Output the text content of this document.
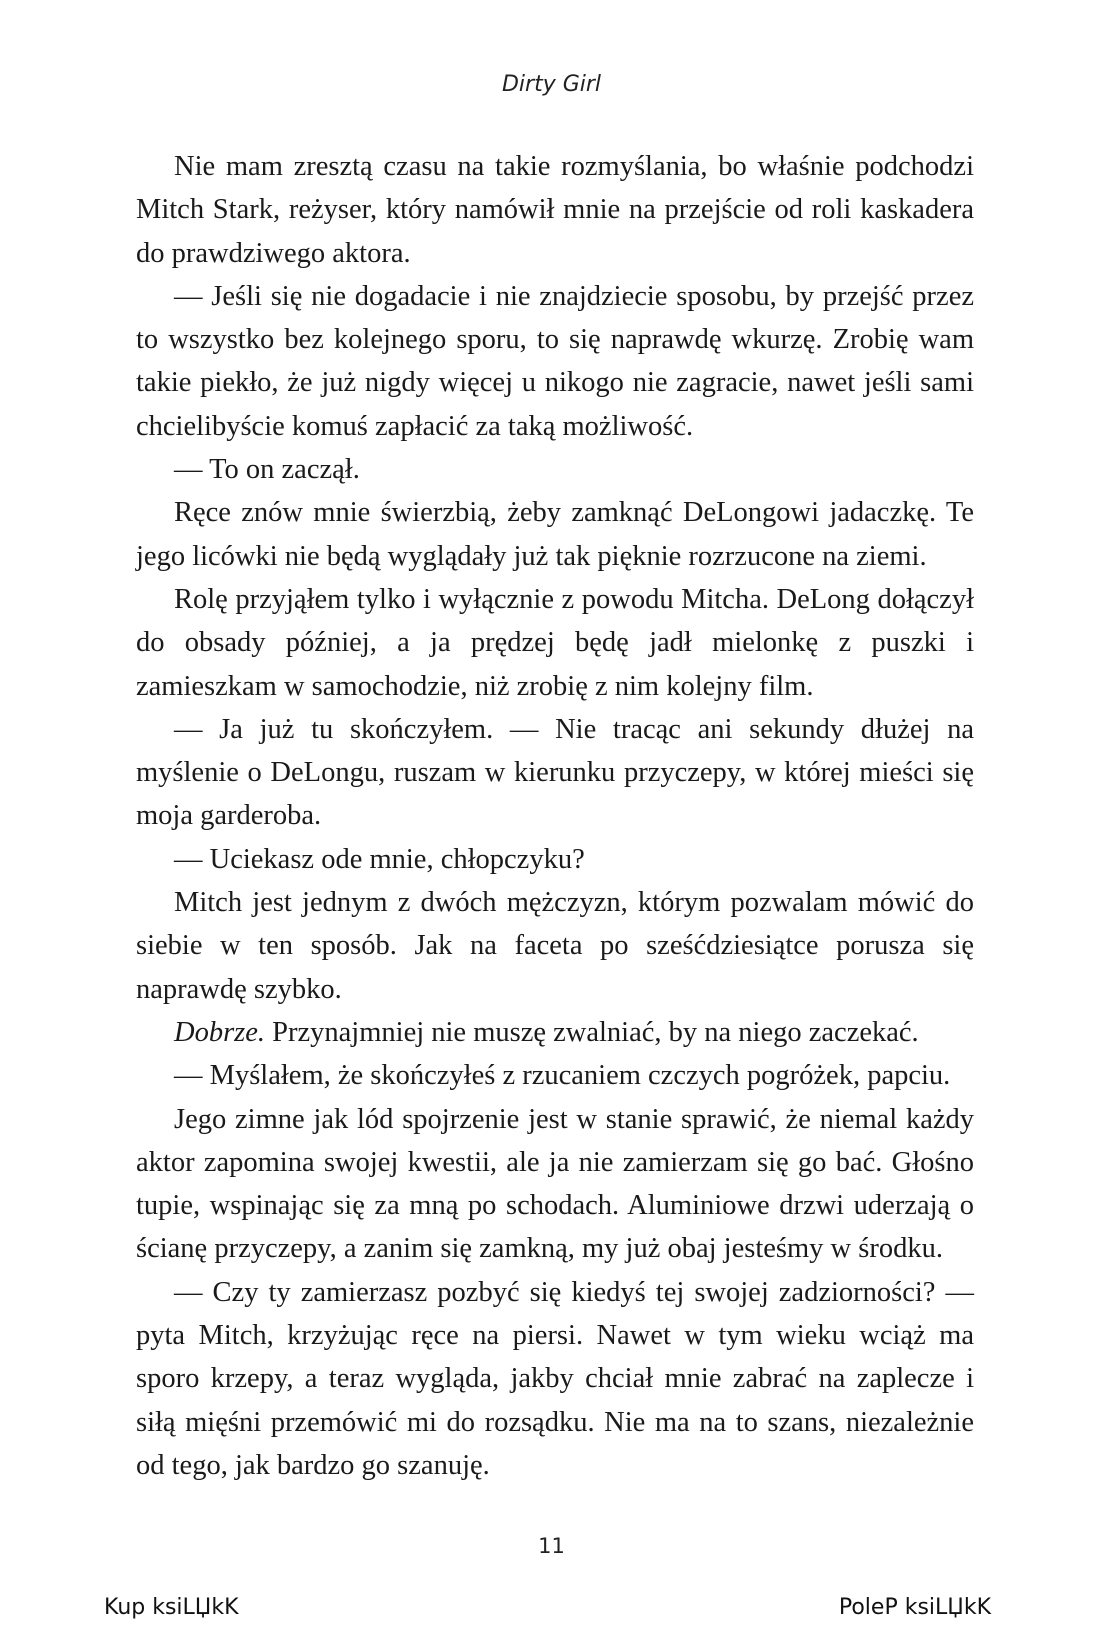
Dirty Girl

Nie mam zresztą czasu na takie rozmyślania, bo właśnie podchodzi Mitch Stark, reżyser, który namówił mnie na przejście od roli kaskadera do prawdziwego aktora.

— Jeśli się nie dogadacie i nie znajdziecie sposobu, by przejść przez to wszystko bez kolejnego sporu, to się naprawdę wkurzę. Zrobię wam takie piekło, że już nigdy więcej u nikogo nie zagracie, nawet jeśli sami chcielibyście komuś zapłacić za taką możliwość.

— To on zaczął.

Ręce znów mnie świerzbią, żeby zamknąć DeLongowi jadaczkę. Te jego licówki nie będą wyglądały już tak pięknie rozrzucone na ziemi.

Rolę przyjąłem tylko i wyłącznie z powodu Mitcha. DeLong dołączył do obsady później, a ja prędzej będę jadł mielonkę z puszki i zamieszkam w samochodzie, niż zrobię z nim kolejny film.

— Ja już tu skończyłem. — Nie tracąc ani sekundy dłużej na myślenie o DeLongu, ruszam w kierunku przyczepy, w której mieści się moja garderoba.

— Uciekasz ode mnie, chłopczyku?

Mitch jest jednym z dwóch mężczyzn, którym pozwalam mówić do siebie w ten sposób. Jak na faceta po sześćdziesiątce porusza się naprawdę szybko.

Dobrze. Przynajmniej nie muszę zwalniać, by na niego zaczekać.

— Myślałem, że skończyłeś z rzucaniem czczych pogróżek, papciu.

Jego zimne jak lód spojrzenie jest w stanie sprawić, że niemal każdy aktor zapomina swojej kwestii, ale ja nie zamierzam się go bać. Głośno tupie, wspinając się za mną po schodach. Aluminiowe drzwi uderzają o ścianę przyczepy, a zanim się zamkną, my już obaj jesteśmy w środku.

— Czy ty zamierzasz pozbyć się kiedyś tej swojej zadziorności? — pyta Mitch, krzyżując ręce na piersi. Nawet w tym wieku wciąż ma sporo krzepy, a teraz wygląda, jakby chciał mnie zabrać na zaplecze i siłą mięśni przemówić mi do rozsądku. Nie ma na to szans, niezależnie od tego, jak bardzo go szanuję.

11
Kup ksiLЏkK	PoleP ksiLЏkK
